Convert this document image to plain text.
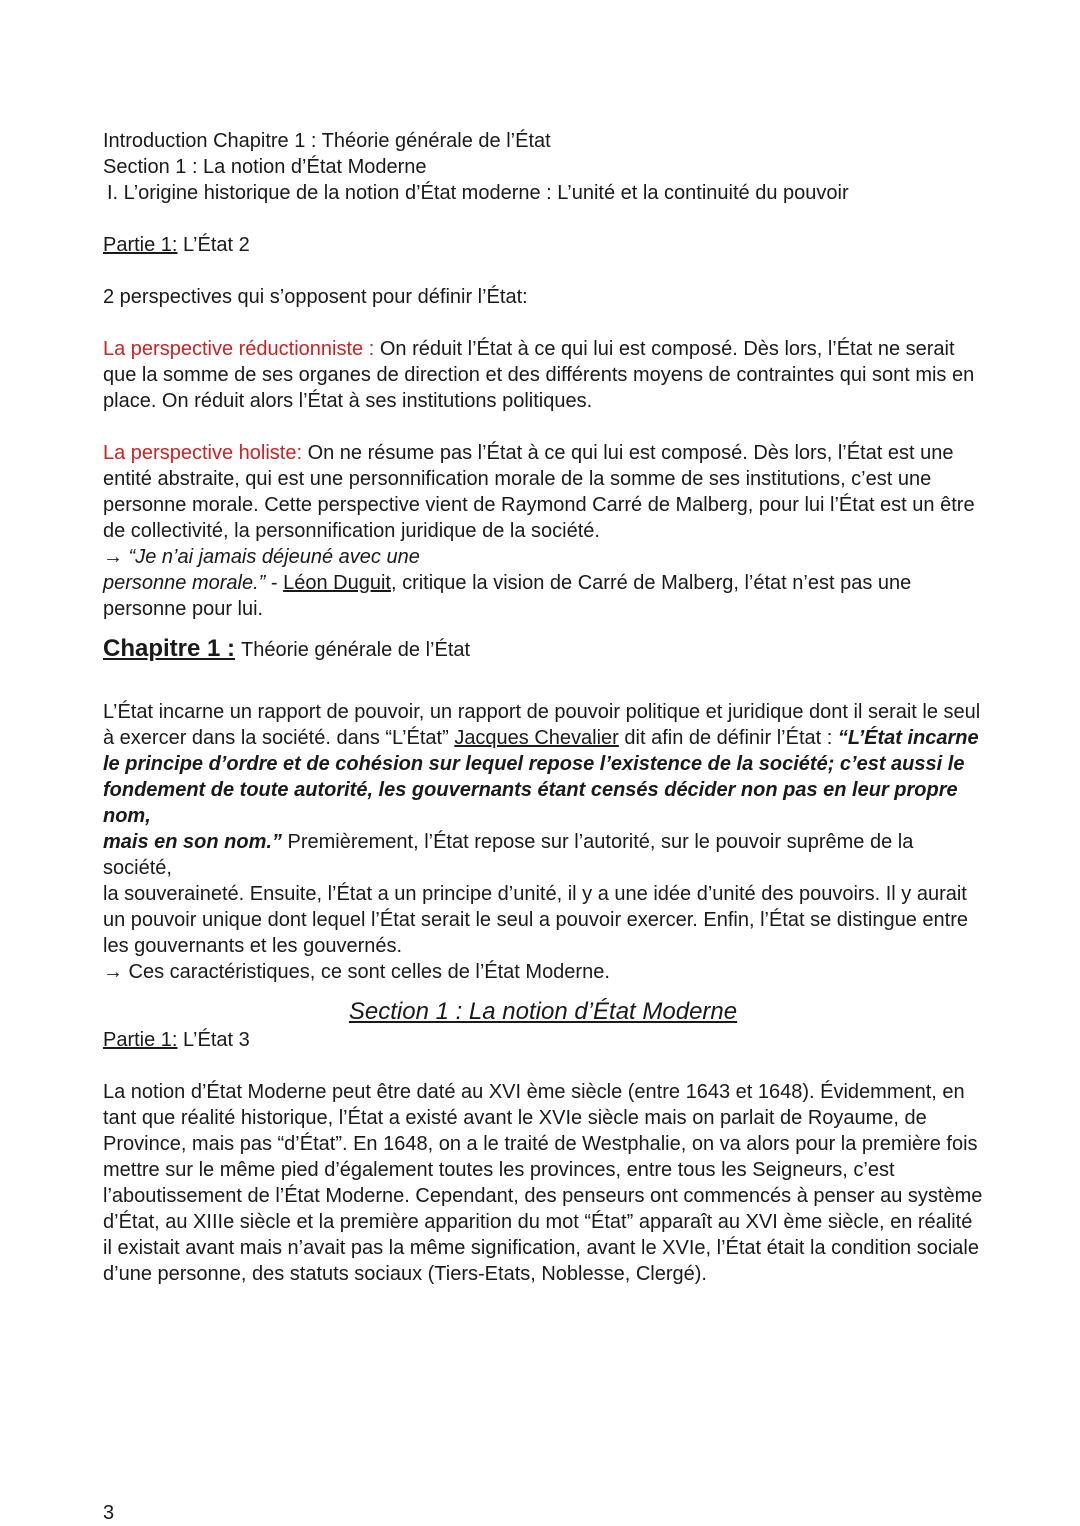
Introduction Chapitre 1 : Théorie générale de l’État

Section 1 : La notion d’État Moderne

I. L’origine historique de la notion d’État moderne : L’unité et la continuité du pouvoir

Partie 1: L’État 2

2 perspectives qui s’opposent pour définir l’État:

La perspective réductionniste : On réduit l’État à ce qui lui est composé. Dès lors, l’État ne serait que la somme de ses organes de direction et des différents moyens de contraintes qui sont mis en place. On réduit alors l’État à ses institutions politiques.

La perspective holiste: On ne résume pas l’État à ce qui lui est composé. Dès lors, l’État est une entité abstraite, qui est une personnification morale de la somme de ses institutions, c’est une personne morale. Cette perspective vient de Raymond Carré de Malberg, pour lui l’État est un être de collectivité, la personnification juridique de la société.

→ “Je n’ai jamais déjeuné avec une

personne morale.” - Léon Duguit, critique la vision de Carré de Malberg, l’état n’est pas une personne pour lui.

Chapitre 1 : Théorie générale de l’État

L’État incarne un rapport de pouvoir, un rapport de pouvoir politique et juridique dont il serait le seul à exercer dans la société. dans “L’État” Jacques Chevalier dit afin de définir l’État : “L’État incarne le principe d’ordre et de cohésion sur lequel repose l’existence de la société; c’est aussi le fondement de toute autorité, les gouvernants étant censés décider non pas en leur propre nom,

mais en son nom.” Premièrement, l’État repose sur l’autorité, sur le pouvoir suprême de la société,

la souveraineté. Ensuite, l’État a un principe d’unité, il y a une idée d’unité des pouvoirs. Il y aurait un pouvoir unique dont lequel l’État serait le seul a pouvoir exercer. Enfin, l’État se distingue entre les gouvernants et les gouvernés.

→ Ces caractéristiques, ce sont celles de l’État Moderne.

Section 1 : La notion d’État Moderne

Partie 1: L’État 3

La notion d’État Moderne peut être daté au XVI ème siècle (entre 1643 et 1648). Évidemment, en tant que réalité historique, l’État a existé avant le XVIe siècle mais on parlait de Royaume, de Province, mais pas “d’État”. En 1648, on a le traité de Westphalie, on va alors pour la première fois mettre sur le même pied d’également toutes les provinces, entre tous les Seigneurs, c’est

l’aboutissement de l’État Moderne. Cependant, des penseurs ont commencés à penser au système d’État, au XIIIe siècle et la première apparition du mot “État” apparaît au XVI ème siècle, en réalité il existait avant mais n’avait pas la même signification, avant le XVIe, l’État était la condition sociale d’une personne, des statuts sociaux (Tiers-Etats, Noblesse, Clergé).

3
